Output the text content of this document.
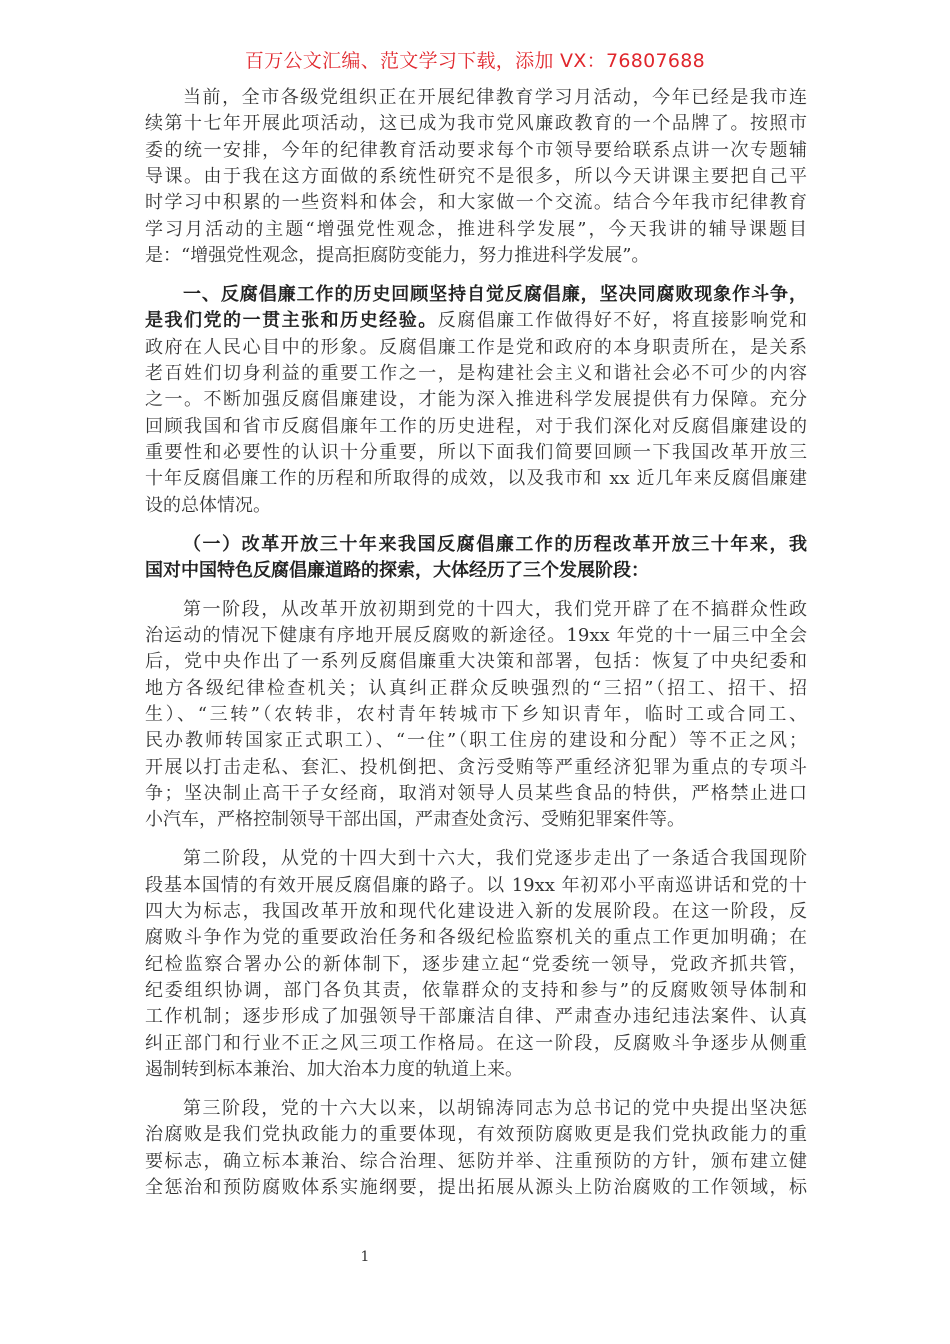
百万公文汇编、范文学习下载，添加 VX：76807688
当前，全市各级党组织正在开展纪律教育学习月活动，今年已经是我市连
续第十七年开展此项活动，这已成为我市党风廉政教育的一个品牌了。按照市
委的统一安排，今年的纪律教育活动要求每个市领导要给联系点讲一次专题辅
导课。由于我在这方面做的系统性研究不是很多，所以今天讲课主要把自己平
时学习中积累的一些资料和体会，和大家做一个交流。结合今年我市纪律教育
学习月活动的主题“增强党性观念，推进科学发展”，今天我讲的辅导课题目
是：“增强党性观念，提高拒腐防变能力，努力推进科学发展”。
一、反腐倡廉工作的历史回顾坚持自觉反腐倡廉，坚决同腐败现象作斗争，
是我们党的一贯主张和历史经验。反腐倡廉工作做得好不好，将直接影响党和
政府在人民心目中的形象。反腐倡廉工作是党和政府的本身职责所在，是关系
老百姓们切身利益的重要工作之一，是构建社会主义和谐社会必不可少的内容
之一。不断加强反腐倡廉建设，才能为深入推进科学发展提供有力保障。充分
回顾我国和省市反腐倡廉年工作的历史进程，对于我们深化对反腐倡廉建设的
重要性和必要性的认识十分重要，所以下面我们简要回顾一下我国改革开放三
十年反腐倡廉工作的历程和所取得的成效，以及我市和 xx 近几年来反腐倡廉建
设的总体情况。
（一）改革开放三十年来我国反腐倡廉工作的历程改革开放三十年来，我
国对中国特色反腐倡廉道路的探索，大体经历了三个发展阶段：
第一阶段，从改革开放初期到党的十四大，我们党开辟了在不搞群众性政
治运动的情况下健康有序地开展反腐败的新途径。19xx 年党的十一届三中全会
后，党中央作出了一系列反腐倡廉重大决策和部署，包括：恢复了中央纪委和
地方各级纪律检查机关；认真纠正群众反映强烈的“三招”（招工、招干、招
生）、“三转”（农转非，农村青年转城市下乡知识青年，临时工或合同工、
民办教师转国家正式职工）、“一住”（职工住房的建设和分配）等不正之风；
开展以打击走私、套汇、投机倒把、贪污受贿等严重经济犯罪为重点的专项斗
争；坚决制止高干子女经商，取消对领导人员某些食品的特供，严格禁止进口
小汽车，严格控制领导干部出国，严肃查处贪污、受贿犯罪案件等。
第二阶段，从党的十四大到十六大，我们党逐步走出了一条适合我国现阶
段基本国情的有效开展反腐倡廉的路子。以 19xx 年初邓小平南巡讲话和党的十
四大为标志，我国改革开放和现代化建设进入新的发展阶段。在这一阶段，反
腐败斗争作为党的重要政治任务和各级纪检监察机关的重点工作更加明确；在
纪检监察合署办公的新体制下，逐步建立起“党委统一领导，党政齐抓共管，
纪委组织协调，部门各负其责，依靠群众的支持和参与”的反腐败领导体制和
工作机制；逐步形成了加强领导干部廉洁自律、严肃查办违纪违法案件、认真
纠正部门和行业不正之风三项工作格局。在这一阶段，反腐败斗争逐步从侧重
遏制转到标本兼治、加大治本力度的轨道上来。
第三阶段，党的十六大以来，以胡锦涛同志为总书记的党中央提出坚决惩
治腐败是我们党执政能力的重要体现，有效预防腐败更是我们党执政能力的重
要标志，确立标本兼治、综合治理、惩防并举、注重预防的方针，颁布建立健
全惩治和预防腐败体系实施纲要，提出拓展从源头上防治腐败的工作领域，标
1
